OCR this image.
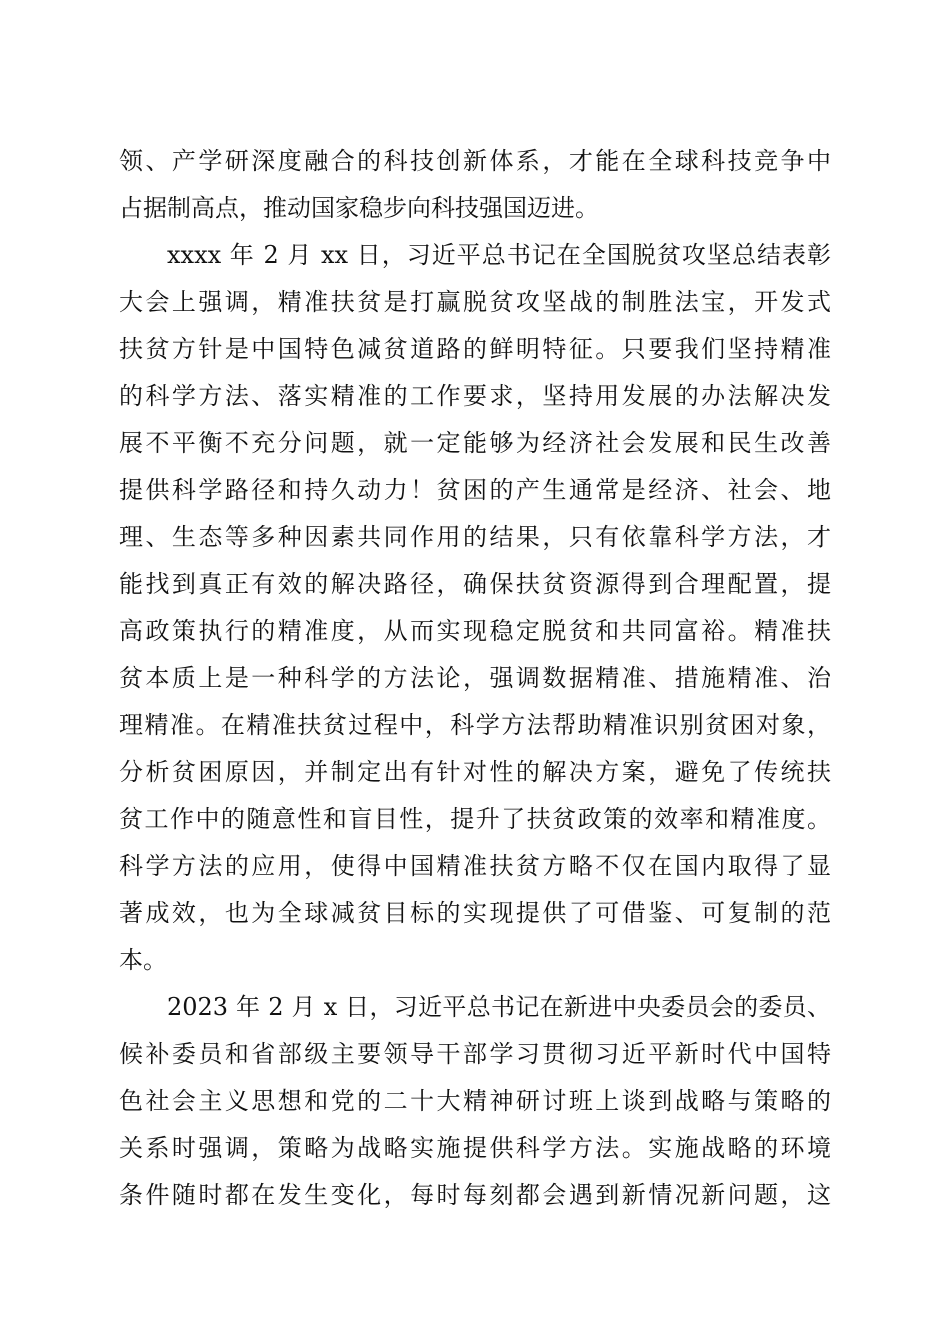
领、产学研深度融合的科技创新体系，才能在全球科技竞争中
占据制高点，推动国家稳步向科技强国迈进。
xxxx 年 2 月 xx 日，习近平总书记在全国脱贫攻坚总结表彰
大会上强调，精准扶贫是打赢脱贫攻坚战的制胜法宝，开发式
扶贫方针是中国特色减贫道路的鲜明特征。只要我们坚持精准
的科学方法、落实精准的工作要求，坚持用发展的办法解决发
展不平衡不充分问题，就一定能够为经济社会发展和民生改善
提供科学路径和持久动力！贫困的产生通常是经济、社会、地
理、生态等多种因素共同作用的结果，只有依靠科学方法，才
能找到真正有效的解决路径，确保扶贫资源得到合理配置，提
高政策执行的精准度，从而实现稳定脱贫和共同富裕。精准扶
贫本质上是一种科学的方法论，强调数据精准、措施精准、治
理精准。在精准扶贫过程中，科学方法帮助精准识别贫困对象，
分析贫困原因，并制定出有针对性的解决方案，避免了传统扶
贫工作中的随意性和盲目性，提升了扶贫政策的效率和精准度。
科学方法的应用，使得中国精准扶贫方略不仅在国内取得了显
著成效，也为全球减贫目标的实现提供了可借鉴、可复制的范
本。
2023 年 2 月 x 日，习近平总书记在新进中央委员会的委员、
候补委员和省部级主要领导干部学习贯彻习近平新时代中国特
色社会主义思想和党的二十大精神研讨班上谈到战略与策略的
关系时强调，策略为战略实施提供科学方法。实施战略的环境
条件随时都在发生变化，每时每刻都会遇到新情况新问题，这
